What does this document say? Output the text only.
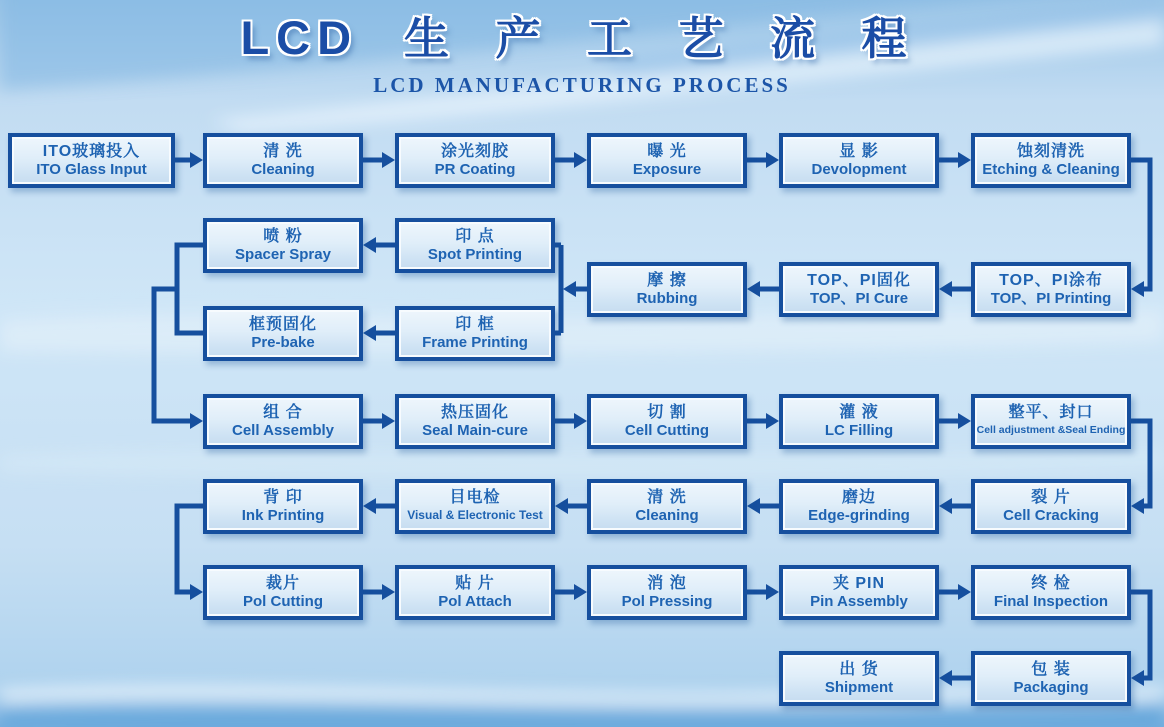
LCD 生 产 工 艺 流 程
LCD MANUFACTURING PROCESS
ITO玻璃投入
ITO Glass Input
清 洗
Cleaning
涂光刻胶
PR Coating
曝 光
Exposure
显 影
Devolopment
蚀刻清洗
Etching & Cleaning
TOP、PI涂布
TOP、PI Printing
TOP、PI固化
TOP、PI Cure
摩 擦
Rubbing
印 点
Spot Printing
喷 粉
Spacer Spray
印 框
Frame Printing
框预固化
Pre-bake
组 合
Cell Assembly
热压固化
Seal Main-cure
切 割
Cell Cutting
灌 液
LC Filling
整平、封口
Cell adjustment &Seal Ending
裂 片
Cell Cracking
磨边
Edge-grinding
清 洗
Cleaning
目电检
Visual & Electronic Test
背 印
Ink Printing
裁片
Pol Cutting
贴 片
Pol Attach
消 泡
Pol Pressing
夹 PIN
Pin Assembly
终 检
Final Inspection
包 装
Packaging
出 货
Shipment
